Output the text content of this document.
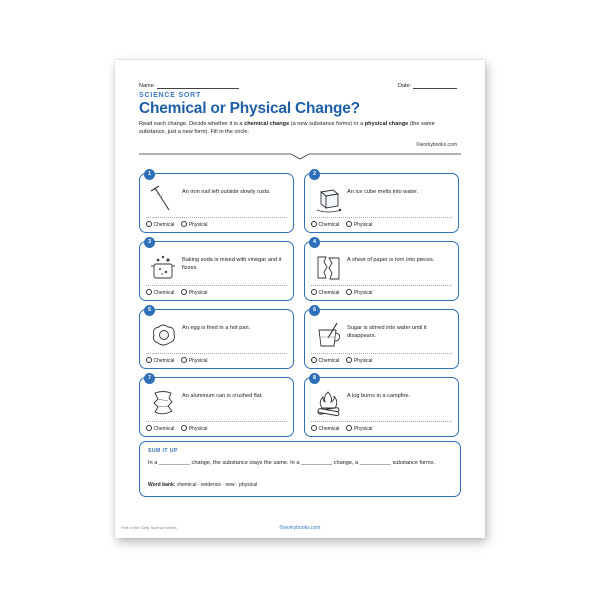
Name:	Date:
SCIENCE SORT
Chemical or Physical Change?
Read each change. Decide whether it is a chemical change (a new substance forms) or a physical change (the same substance, just a new form). Fill in the circle.
©workybooks.com
1
An iron nail left outside slowly rusts.
Chemical	Physical
2
An ice cube melts into water.
Chemical	Physical
3
Baking soda is mixed with vinegar and it fizzes.
Chemical	Physical
4
A sheet of paper is torn into pieces.
Chemical	Physical
5
An egg is fried in a hot pan.
Chemical	Physical
6
Sugar is stirred into water until it disappears.
Chemical	Physical
7
An aluminum can is crushed flat.
Chemical	Physical
8
A log burns in a campfire.
Chemical	Physical
SUM IT UP
In a __________ change, the substance stays the same. In a __________ change, a __________ substance forms.
Word bank: chemical · evidence · new · physical
Part of the Daily Science series	©workybooks.com
